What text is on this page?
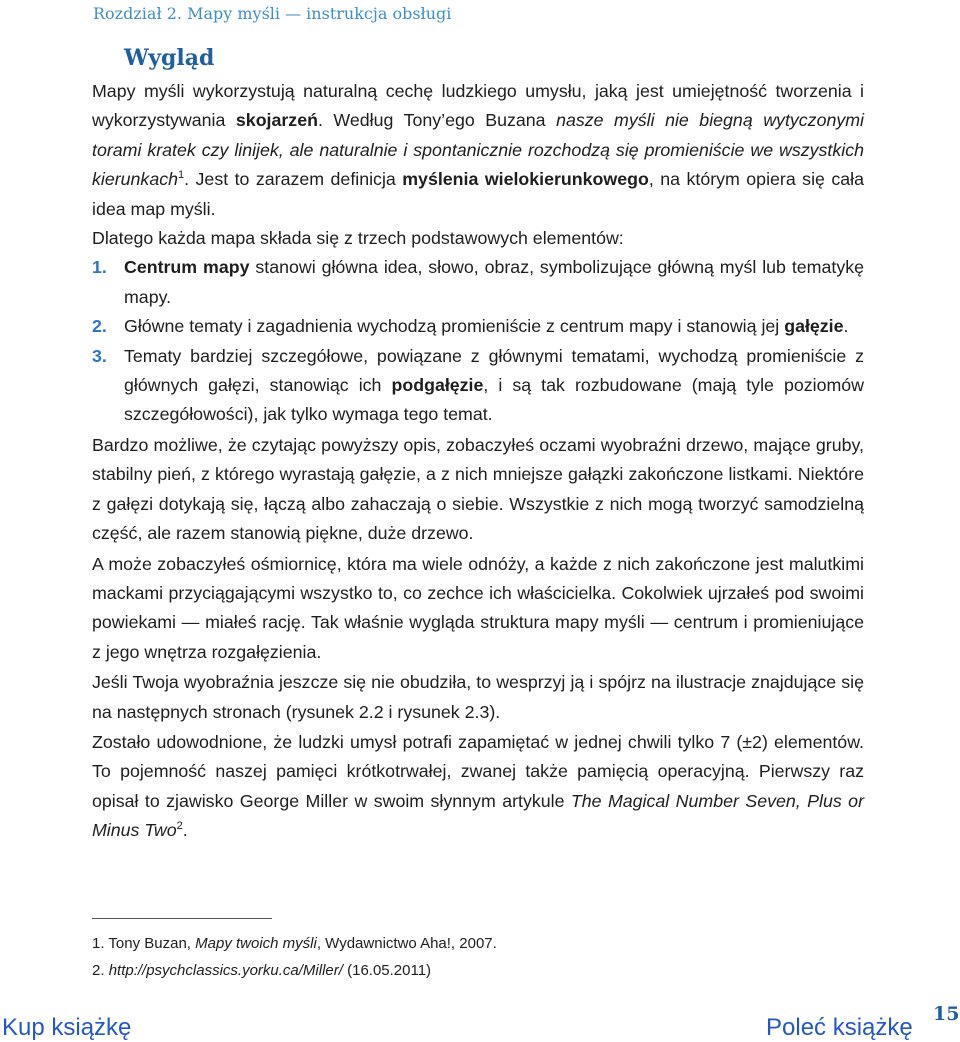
Rozdział 2. Mapy myśli — instrukcja obsługi
Wygląd

Mapy myśli wykorzystują naturalną cechę ludzkiego umysłu, jaką jest umiejętność tworzenia i wykorzystywania skojarzeń. Według Tony’ego Buzana nasze myśli nie biegną wytyczonymi torami kratek czy linijek, ale naturalnie i spontanicznie rozchodzą się promieniście we wszystkich kierunkach$^1$. Jest to zarazem definicja myślenia wielokierunkowego, na którym opiera się cała idea map myśli.

Dlatego każda mapa składa się z trzech podstawowych elementów:

1. Centrum mapy stanowi główna idea, słowo, obraz, symbolizujące główną myśl lub tematykę mapy.
2. Główne tematy i zagadnienia wychodzą promieniście z centrum mapy i stanowią jej gałęzie.
3. Tematy bardziej szczegółowe, powiązane z głównymi tematami, wychodzą promieniście z głównych gałęzi, stanowiąc ich podgałęzie, i są tak rozbudowane (mają tyle poziomów szczegółowości), jak tylko wymaga tego temat.

Bardzo możliwe, że czytając powyższy opis, zobaczyłeś oczami wyobraźni drzewo, mające gruby, stabilny pień, z którego wyrastają gałęzie, a z nich mniejsze gałązki zakończone listkami. Niektóre z gałęzi dotykają się, łączą albo zahaczają o siebie. Wszystkie z nich mogą tworzyć samodzielną część, ale razem stanowią piękne, duże drzewo.

A może zobaczyłeś ośmiornicę, która ma wiele odnóży, a każde z nich zakończone jest malutkimi mackami przyciągającymi wszystko to, co zechce ich właścicielka. Cokolwiek ujrzałeś pod swoimi powiekami — miałeś rację. Tak właśnie wygląda struktura mapy myśli — centrum i promieniujące z jego wnętrza rozgałęzienia.

Jeśli Twoja wyobraźnia jeszcze się nie obudziła, to wesprzyj ją i spójrz na ilustracje znajdujące się na następnych stronach (rysunek 2.2 i rysunek 2.3).

Zostało udowodnione, że ludzki umysł potrafi zapamiętać w jednej chwili tylko 7 (±2) elementów. To pojemność naszej pamięci krótkotrwałej, zwanej także pamięcią operacyjną. Pierwszy raz opisał to zjawisko George Miller w swoim słynnym artykule The Magical Number Seven, Plus or Minus Two$^2$.

1. Tony Buzan, Mapy twoich myśli, Wydawnictwo Aha!, 2007.
2. http://psychclassics.yorku.ca/Miller/ (16.05.2011)
Kup książkę	Poleć książkę 15
